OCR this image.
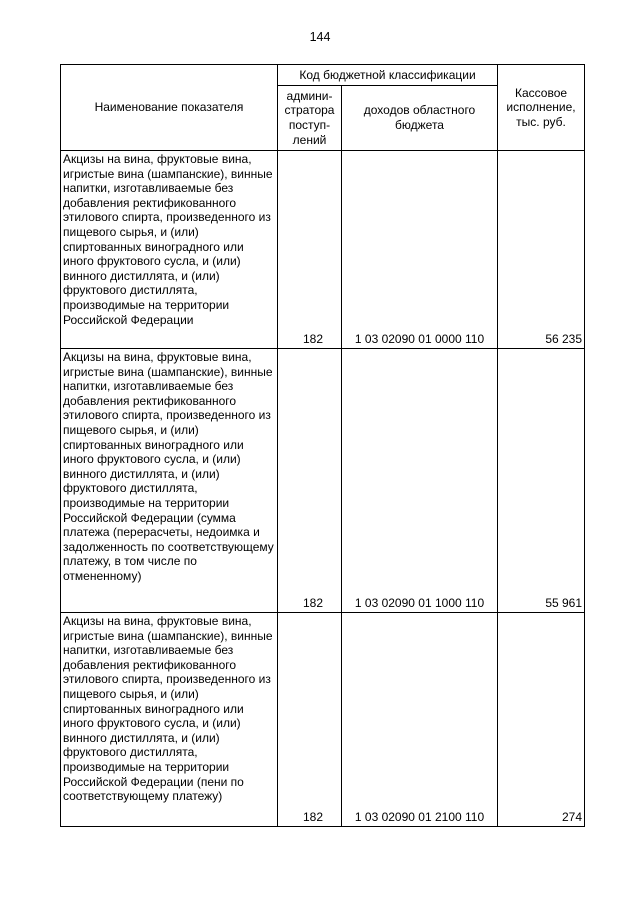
144
Наименование показателя	Код бюджетной классификации		Кассовое исполнение, тыс. руб.
	админи-стратора поступ-лений	доходов областного бюджета	
Акцизы на вина, фруктовые вина, игристые вина (шампанские), винные напитки, изготавливаемые без добавления ректификованного этилового спирта, произведенного из пищевого сырья, и (или) спиртованных виноградного или иного фруктового сусла, и (или) винного дистиллята, и (или) фруктового дистиллята, производимые на территории Российской Федерации	182	1 03 02090 01 0000 110	56 235
Акцизы на вина, фруктовые вина, игристые вина (шампанские), винные напитки, изготавливаемые без добавления ректификованного этилового спирта, произведенного из пищевого сырья, и (или) спиртованных виноградного или иного фруктового сусла, и (или) винного дистиллята, и (или) фруктового дистиллята, производимые на территории Российской Федерации (сумма платежа (перерасчеты, недоимка и задолженность по соответствующему платежу, в том числе по отмененному)	182	1 03 02090 01 1000 110	55 961
Акцизы на вина, фруктовые вина, игристые вина (шампанские), винные напитки, изготавливаемые без добавления ректификованного этилового спирта, произведенного из пищевого сырья, и (или) спиртованных виноградного или иного фруктового сусла, и (или) винного дистиллята, и (или) фруктового дистиллята, производимые на территории Российской Федерации (пени по соответствующему платежу)	182	1 03 02090 01 2100 110	274
